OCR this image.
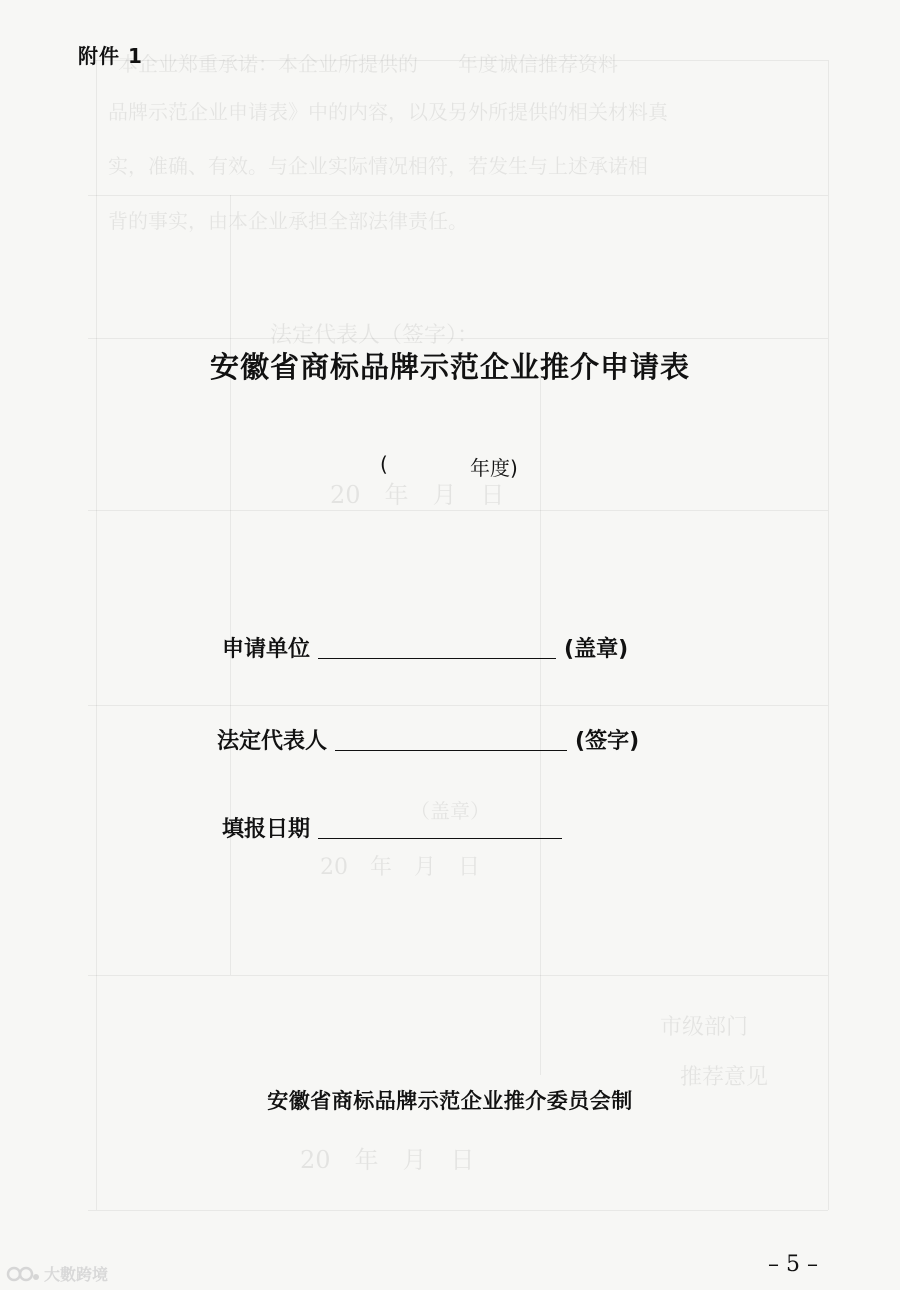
本企业郑重承诺：本企业所提供的　　年度诚信推荐资料
品牌示范企业申请表》中的内容，以及另外所提供的相关材料真
实，准确、有效。与企业实际情况相符，若发生与上述承诺相
背的事实，由本企业承担全部法律责任。
法定代表人（签字）：
20　年　月　日
市级部门
推荐意见
（盖章）
20　年　月　日
20　年　月　日
附件 1
安徽省商标品牌示范企业推介申请表
(	年度)
申请单位	(盖章)
法定代表人	(签字)
填报日期
安徽省商标品牌示范企业推介委员会制
– 5 –
大數跨境
